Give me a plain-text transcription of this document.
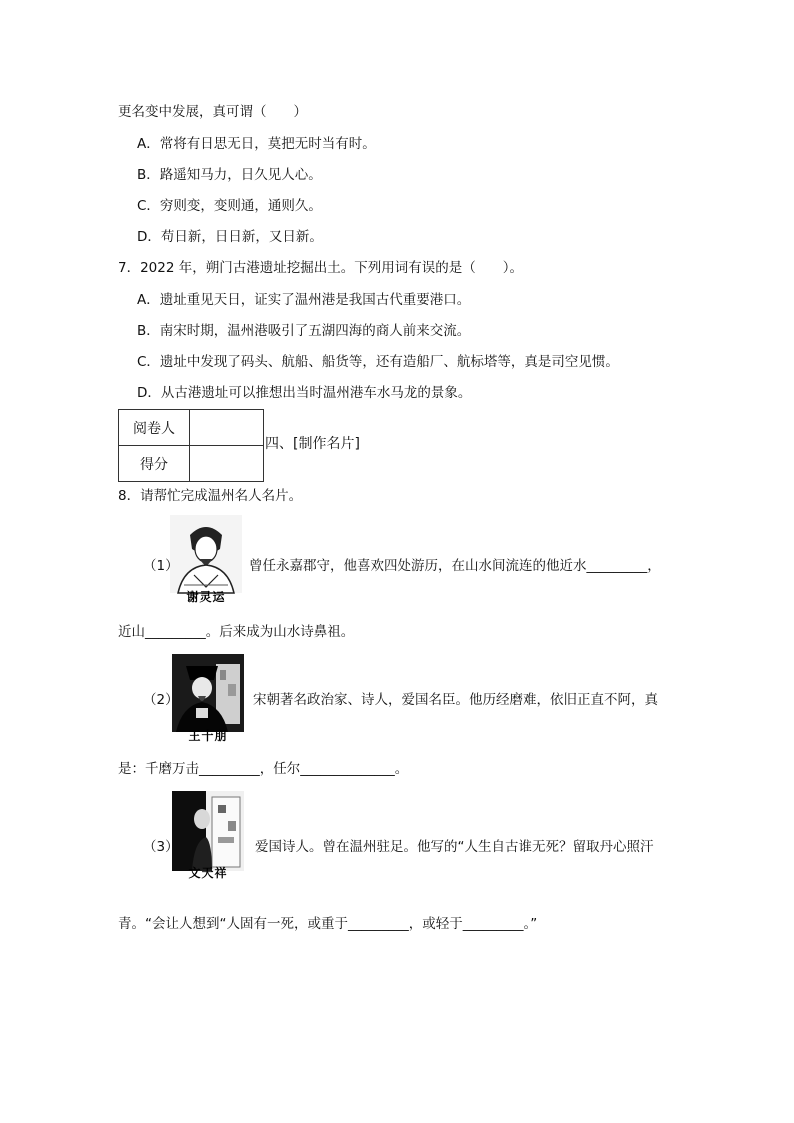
更名变中发展，真可谓（　　）
A．常将有日思无日，莫把无时当有时。
B．路遥知马力，日久见人心。
C．穷则变，变则通，通则久。
D．苟日新，日日新，又日新。
7．2022 年，朔门古港遗址挖掘出土。下列用词有误的是（　　）。
A．遗址重见天日，证实了温州港是我国古代重要港口。
B．南宋时期，温州港吸引了五湖四海的商人前来交流。
C．遗址中发现了码头、航船、船货等，还有造船厂、航标塔等，真是司空见惯。
D．从古港遗址可以推想出当时温州港车水马龙的景象。
阅卷人	
得分	
四、[制作名片]
8．请帮忙完成温州名人名片。
谢灵运
（1）	曾任永嘉郡守，他喜欢四处游历，在山水间流连的他近水_________，
近山_________。后来成为山水诗鼻祖。
王十朋
（2）	宋朝著名政治家、诗人，爱国名臣。他历经磨难，依旧正直不阿，真
是：千磨万击_________，任尔______________。
文天祥
（3）	爱国诗人。曾在温州驻足。他写的“人生自古谁无死？留取丹心照汗
青。“会让人想到“人固有一死，或重于_________，或轻于_________。”
